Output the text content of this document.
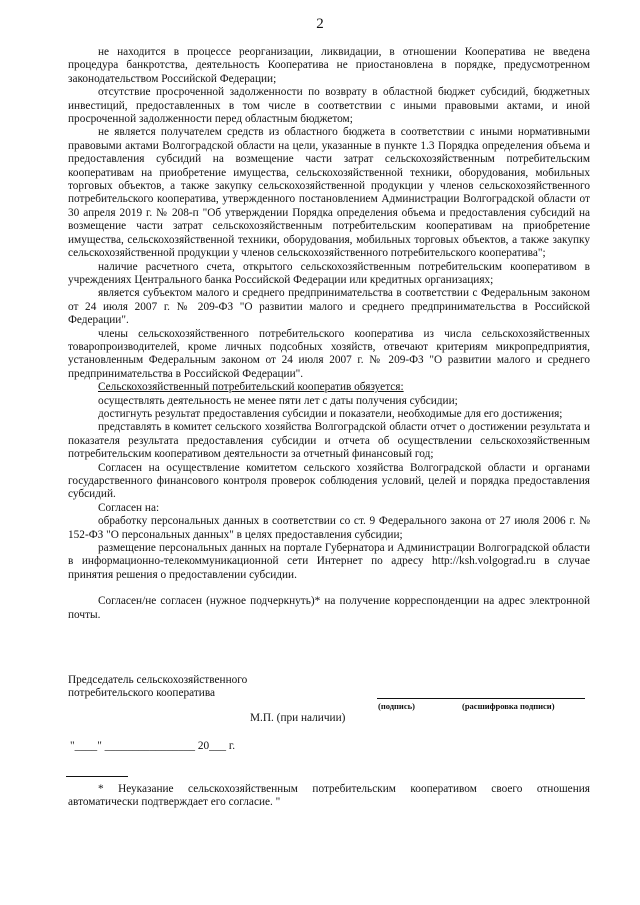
2

не находится в процессе реорганизации, ликвидации, в отношении Кооператива не введена процедура банкротства, деятельность Кооператива не приостановлена в порядке, предусмотренном законодательством Российской Федерации;

отсутствие просроченной задолженности по возврату в областной бюджет субсидий, бюджетных инвестиций, предоставленных в том числе в соответствии с иными правовыми актами, и иной просроченной задолженности перед областным бюджетом;

не является получателем средств из областного бюджета в соответствии с иными нормативными правовыми актами Волгоградской области на цели, указанные в пункте 1.3 Порядка определения объема и предоставления субсидий на возмещение части затрат сельскохозяйственным потребительским кооперативам на приобретение имущества, сельскохозяйственной техники, оборудования, мобильных торговых объектов, а также закупку сельскохозяйственной продукции у членов сельскохозяйственного потребительского кооператива, утвержденного постановлением Администрации Волгоградской области от 30 апреля 2019 г. № 208-п "Об утверждении Порядка определения объема и предоставления субсидий на возмещение части затрат сельскохозяйственным потребительским кооперативам на приобретение имущества, сельскохозяйственной техники, оборудования, мобильных торговых объектов, а также закупку сельскохозяйственной продукции у членов сельскохозяйственного потребительского кооператива";

наличие расчетного счета, открытого сельскохозяйственным потребительским кооперативом в учреждениях Центрального банка Российской Федерации или кредитных организациях;

является субъектом малого и среднего предпринимательства в соответствии с Федеральным законом от 24 июля 2007 г. № 209-ФЗ "О развитии малого и среднего предпринимательства в Российской Федерации".

члены сельскохозяйственного потребительского кооператива из числа сельскохозяйственных товаропроизводителей, кроме личных подсобных хозяйств, отвечают критериям микропредприятия, установленным Федеральным законом от 24 июля 2007 г. № 209-ФЗ "О развитии малого и среднего предпринимательства в Российской Федерации".

Сельскохозяйственный потребительский кооператив обязуется:

осуществлять деятельность не менее пяти лет с даты получения субсидии;

достигнуть результат предоставления субсидии и показатели, необходимые для его достижения;

представлять в комитет сельского хозяйства Волгоградской области отчет о достижении результата и показателя результата предоставления субсидии и отчета об осуществлении сельскохозяйственным потребительским кооперативом деятельности за отчетный финансовый год;

Согласен на осуществление комитетом сельского хозяйства Волгоградской области и органами государственного финансового контроля проверок соблюдения условий, целей и порядка предоставления субсидий.

Согласен на:

обработку персональных данных в соответствии со ст. 9 Федерального закона от 27 июля 2006 г. № 152-ФЗ "О персональных данных" в целях предоставления субсидии;

размещение персональных данных на портале Губернатора и Администрации Волгоградской области в информационно-телекоммуникационной сети Интернет по адресу http://ksh.volgograd.ru в случае принятия решения о предоставлении субсидии.

Согласен/не согласен (нужное подчеркнуть)* на получение корреспонденции на адрес электронной почты.

Председатель сельскохозяйственного
потребительского кооператива
(подпись)	(расшифровка подписи)
М.П. (при наличии)
"____" ________________ 20___ г.

* Неуказание сельскохозяйственным потребительским кооперативом своего отношения автоматически подтверждает его согласие. "
